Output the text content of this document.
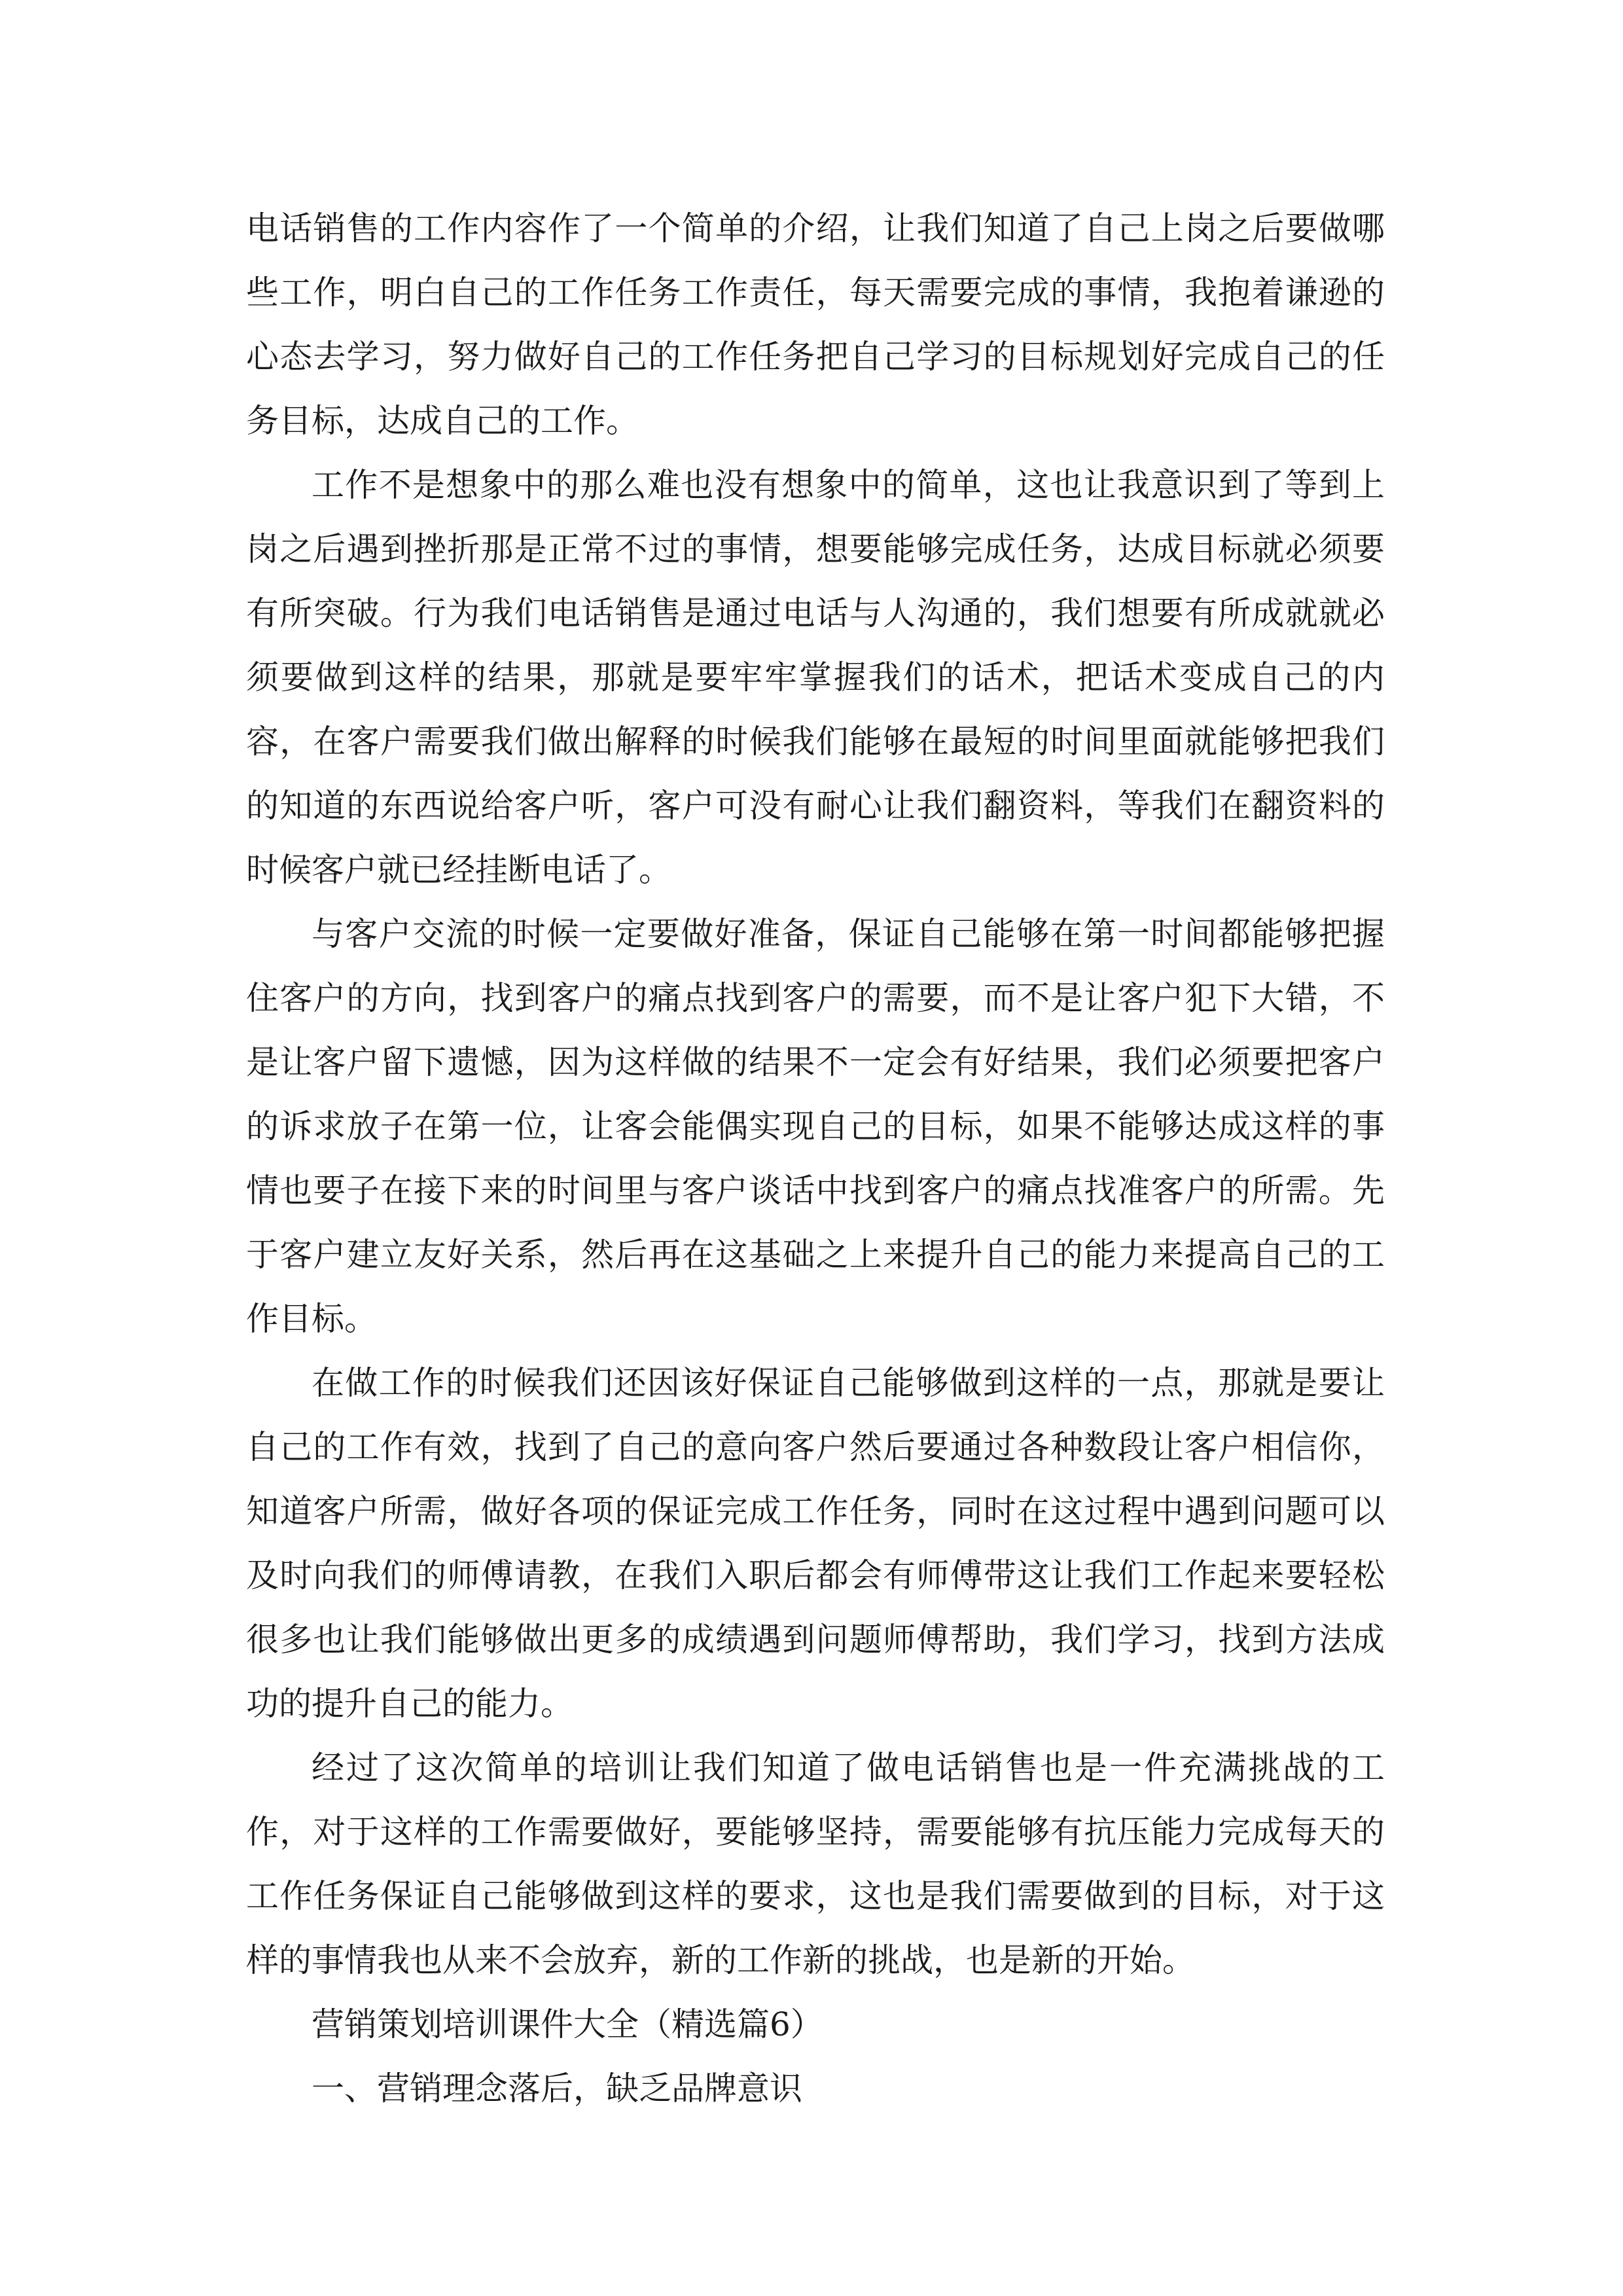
电话销售的工作内容作了一个简单的介绍，让我们知道了自己上岗之后要做哪些工作，明白自己的工作任务工作责任，每天需要完成的事情，我抱着谦逊的心态去学习，努力做好自己的工作任务把自己学习的目标规划好完成自己的任务目标，达成自己的工作。

工作不是想象中的那么难也没有想象中的简单，这也让我意识到了等到上岗之后遇到挫折那是正常不过的事情，想要能够完成任务，达成目标就必须要有所突破。行为我们电话销售是通过电话与人沟通的，我们想要有所成就就必须要做到这样的结果，那就是要牢牢掌握我们的话术，把话术变成自己的内容，在客户需要我们做出解释的时候我们能够在最短的时间里面就能够把我们的知道的东西说给客户听，客户可没有耐心让我们翻资料，等我们在翻资料的时候客户就已经挂断电话了。

与客户交流的时候一定要做好准备，保证自己能够在第一时间都能够把握住客户的方向，找到客户的痛点找到客户的需要，而不是让客户犯下大错，不是让客户留下遗憾，因为这样做的结果不一定会有好结果，我们必须要把客户的诉求放子在第一位，让客会能偶实现自己的目标，如果不能够达成这样的事情也要子在接下来的时间里与客户谈话中找到客户的痛点找准客户的所需。先于客户建立友好关系，然后再在这基础之上来提升自己的能力来提高自己的工作目标。

在做工作的时候我们还因该好保证自己能够做到这样的一点，那就是要让自己的工作有效，找到了自己的意向客户然后要通过各种数段让客户相信你，知道客户所需，做好各项的保证完成工作任务，同时在这过程中遇到问题可以及时向我们的师傅请教，在我们入职后都会有师傅带这让我们工作起来要轻松很多也让我们能够做出更多的成绩遇到问题师傅帮助，我们学习，找到方法成功的提升自己的能力。

经过了这次简单的培训让我们知道了做电话销售也是一件充满挑战的工作，对于这样的工作需要做好，要能够坚持，需要能够有抗压能力完成每天的工作任务保证自己能够做到这样的要求，这也是我们需要做到的目标，对于这样的事情我也从来不会放弃，新的工作新的挑战，也是新的开始。

营销策划培训课件大全（精选篇6）

一、营销理念落后，缺乏品牌意识
